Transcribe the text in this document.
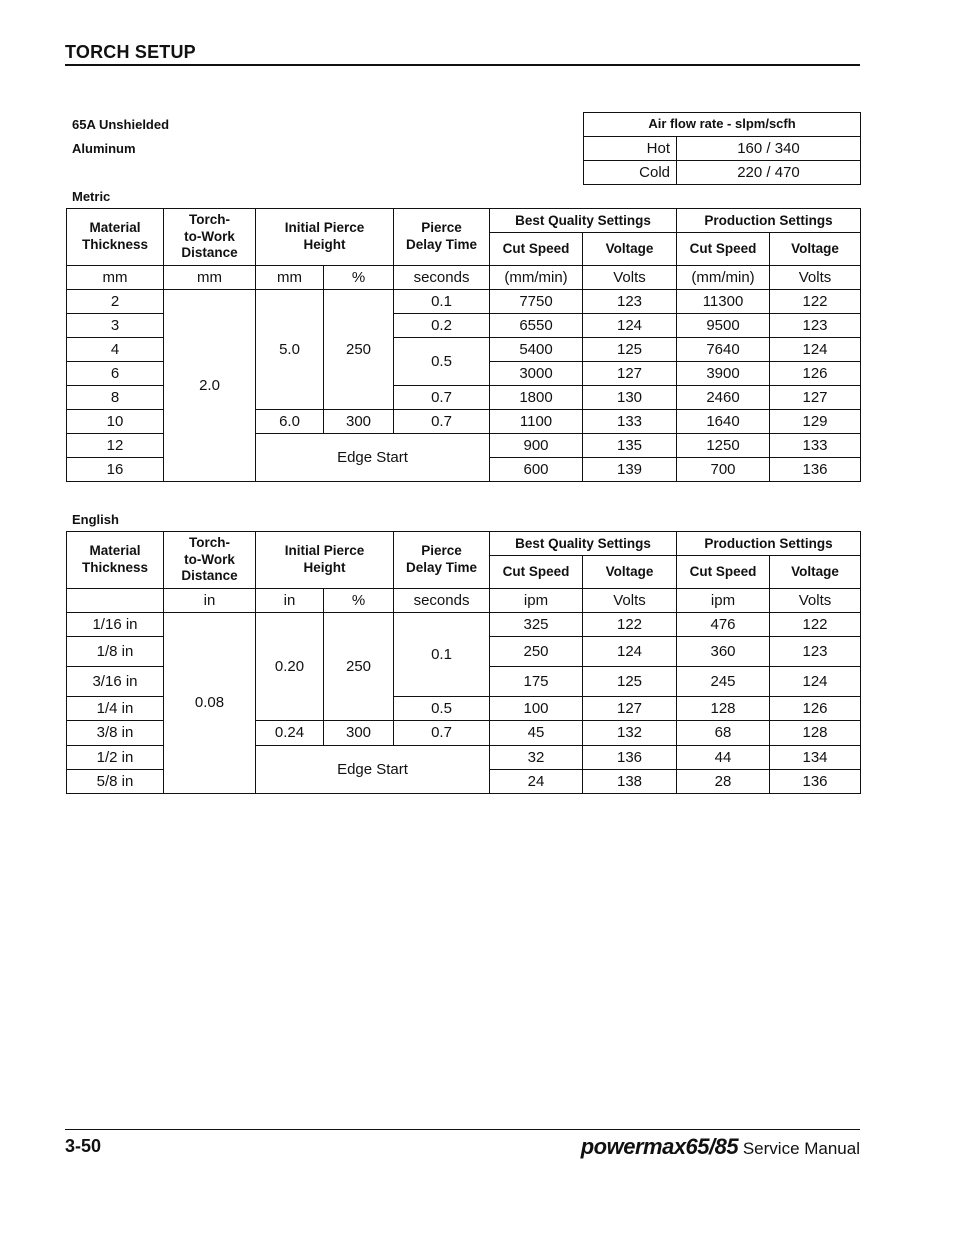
TORCH SETUP
65A Unshielded
Aluminum
Air flow rate - slpm/scfh	
Hot	160 / 340
Cold	220 / 470
Metric
Material Thickness	Torch-
to-Work
Distance	Initial Pierce
Height		Pierce
Delay Time	Best Quality Settings		Production Settings	
					Cut Speed	Voltage	Cut Speed	Voltage
mm	mm	mm	%	seconds	(mm/min)	Volts	(mm/min)	Volts
2	2.0	5.0	250	0.1	7750	123	11300	122
3				0.2	6550	124	9500	123
4				0.5	5400	125	7640	124
6					3000	127	3900	126
8				0.7	1800	130	2460	127
10		6.0	300	0.7	1100	133	1640	129
12		Edge Start			900	135	1250	133
16					600	139	700	136
English
Material Thickness	Torch-
to-Work
Distance	Initial Pierce
Height		Pierce
Delay Time	Best Quality Settings		Production Settings	
					Cut Speed	Voltage	Cut Speed	Voltage
	in	in	%	seconds	ipm	Volts	ipm	Volts
1/16 in	0.08	0.20	250	0.1	325	122	476	122
1/8 in					250	124	360	123
3/16 in					175	125	245	124
1/4 in				0.5	100	127	128	126
3/8 in		0.24	300	0.7	45	132	68	128
1/2 in		Edge Start			32	136	44	134
5/8 in					24	138	28	136
3-50	powermax65/85 Service Manual
